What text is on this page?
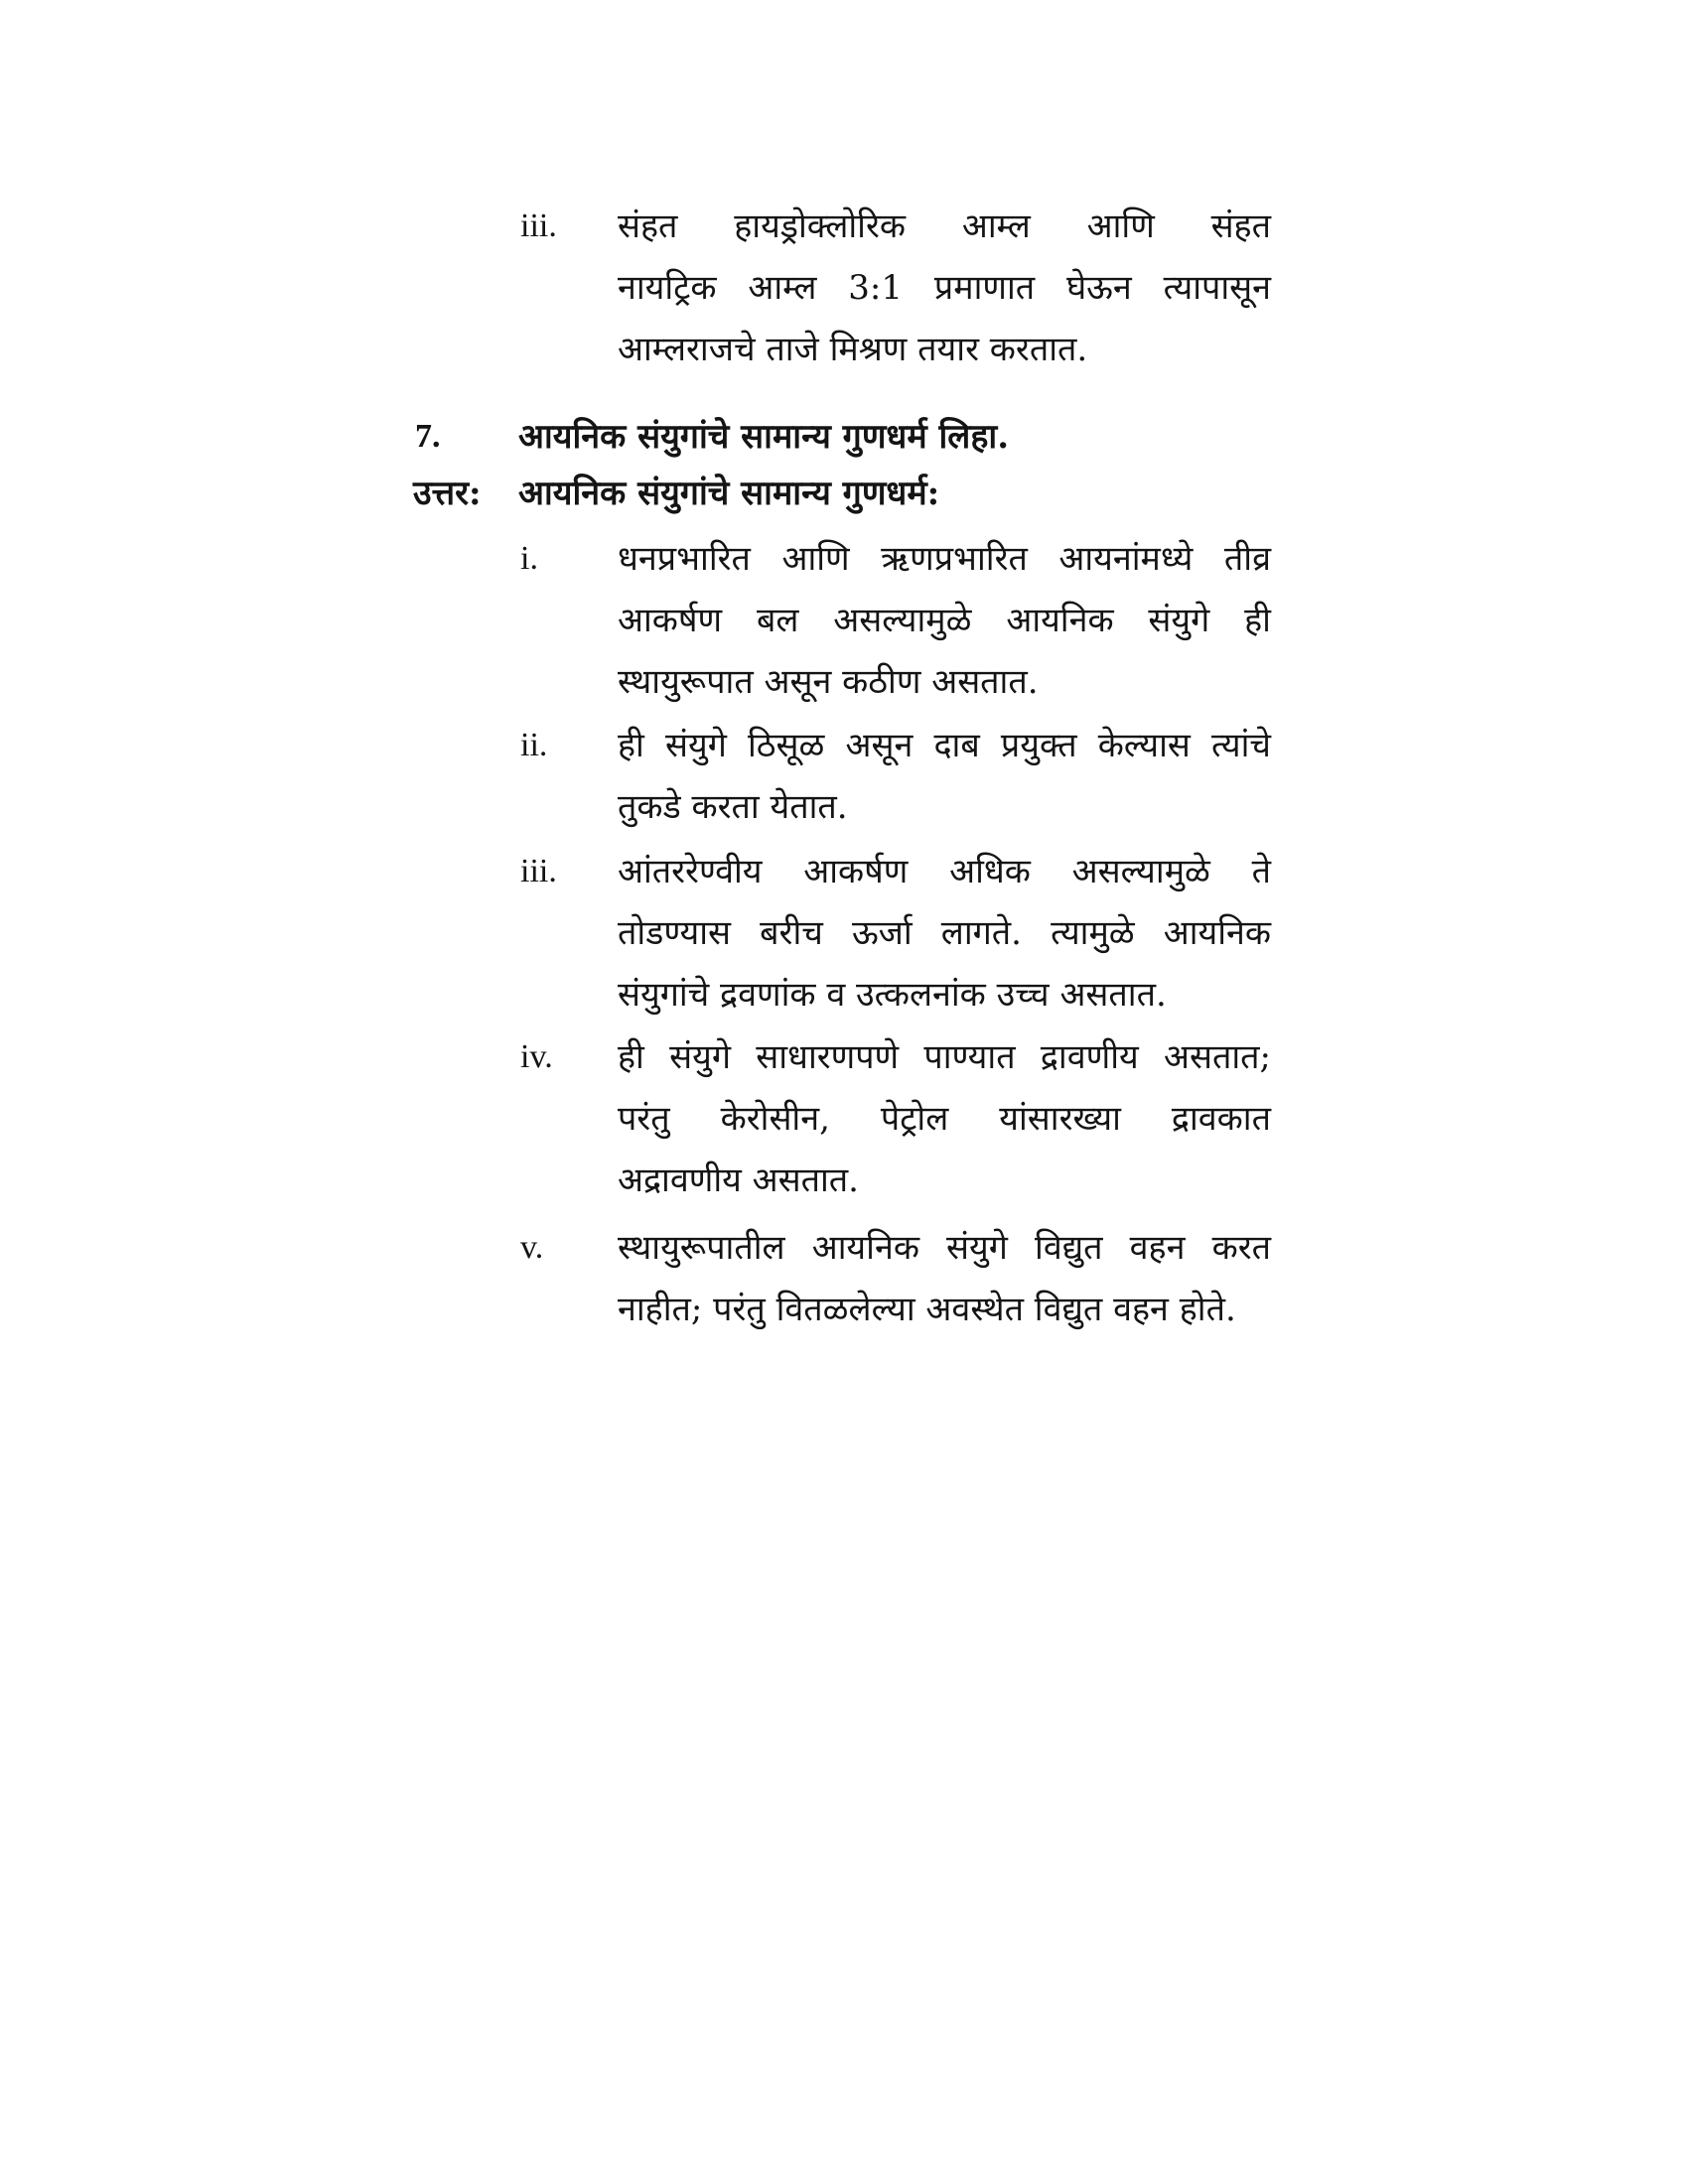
iii. संहत हायड्रोक्लोरिक आम्ल आणि संहत
नायट्रिक आम्ल 3:1 प्रमाणात घेऊन त्यापासून
आम्लराजचे ताजे मिश्रण तयार करतात.
7. आयनिक संयुगांचे सामान्य गुणधर्म लिहा.
उत्तर: आयनिक संयुगांचे सामान्य गुणधर्म:
i. धनप्रभारित आणि ऋणप्रभारित आयनांमध्ये तीव्र
आकर्षण बल असल्यामुळे आयनिक संयुगे ही
स्थायुरूपात असून कठीण असतात.
ii. ही संयुगे ठिसूळ असून दाब प्रयुक्त केल्यास त्यांचे
तुकडे करता येतात.
iii. आंतररेण्वीय आकर्षण अधिक असल्यामुळे ते
तोडण्यास बरीच ऊर्जा लागते. त्यामुळे आयनिक
संयुगांचे द्रवणांक व उत्कलनांक उच्च असतात.
iv. ही संयुगे साधारणपणे पाण्यात द्रावणीय असतात;
परंतु केरोसीन, पेट्रोल यांसारख्या द्रावकात
अद्रावणीय असतात.
v. स्थायुरूपातील आयनिक संयुगे विद्युत वहन करत
नाहीत; परंतु वितळलेल्या अवस्थेत विद्युत वहन होते.
